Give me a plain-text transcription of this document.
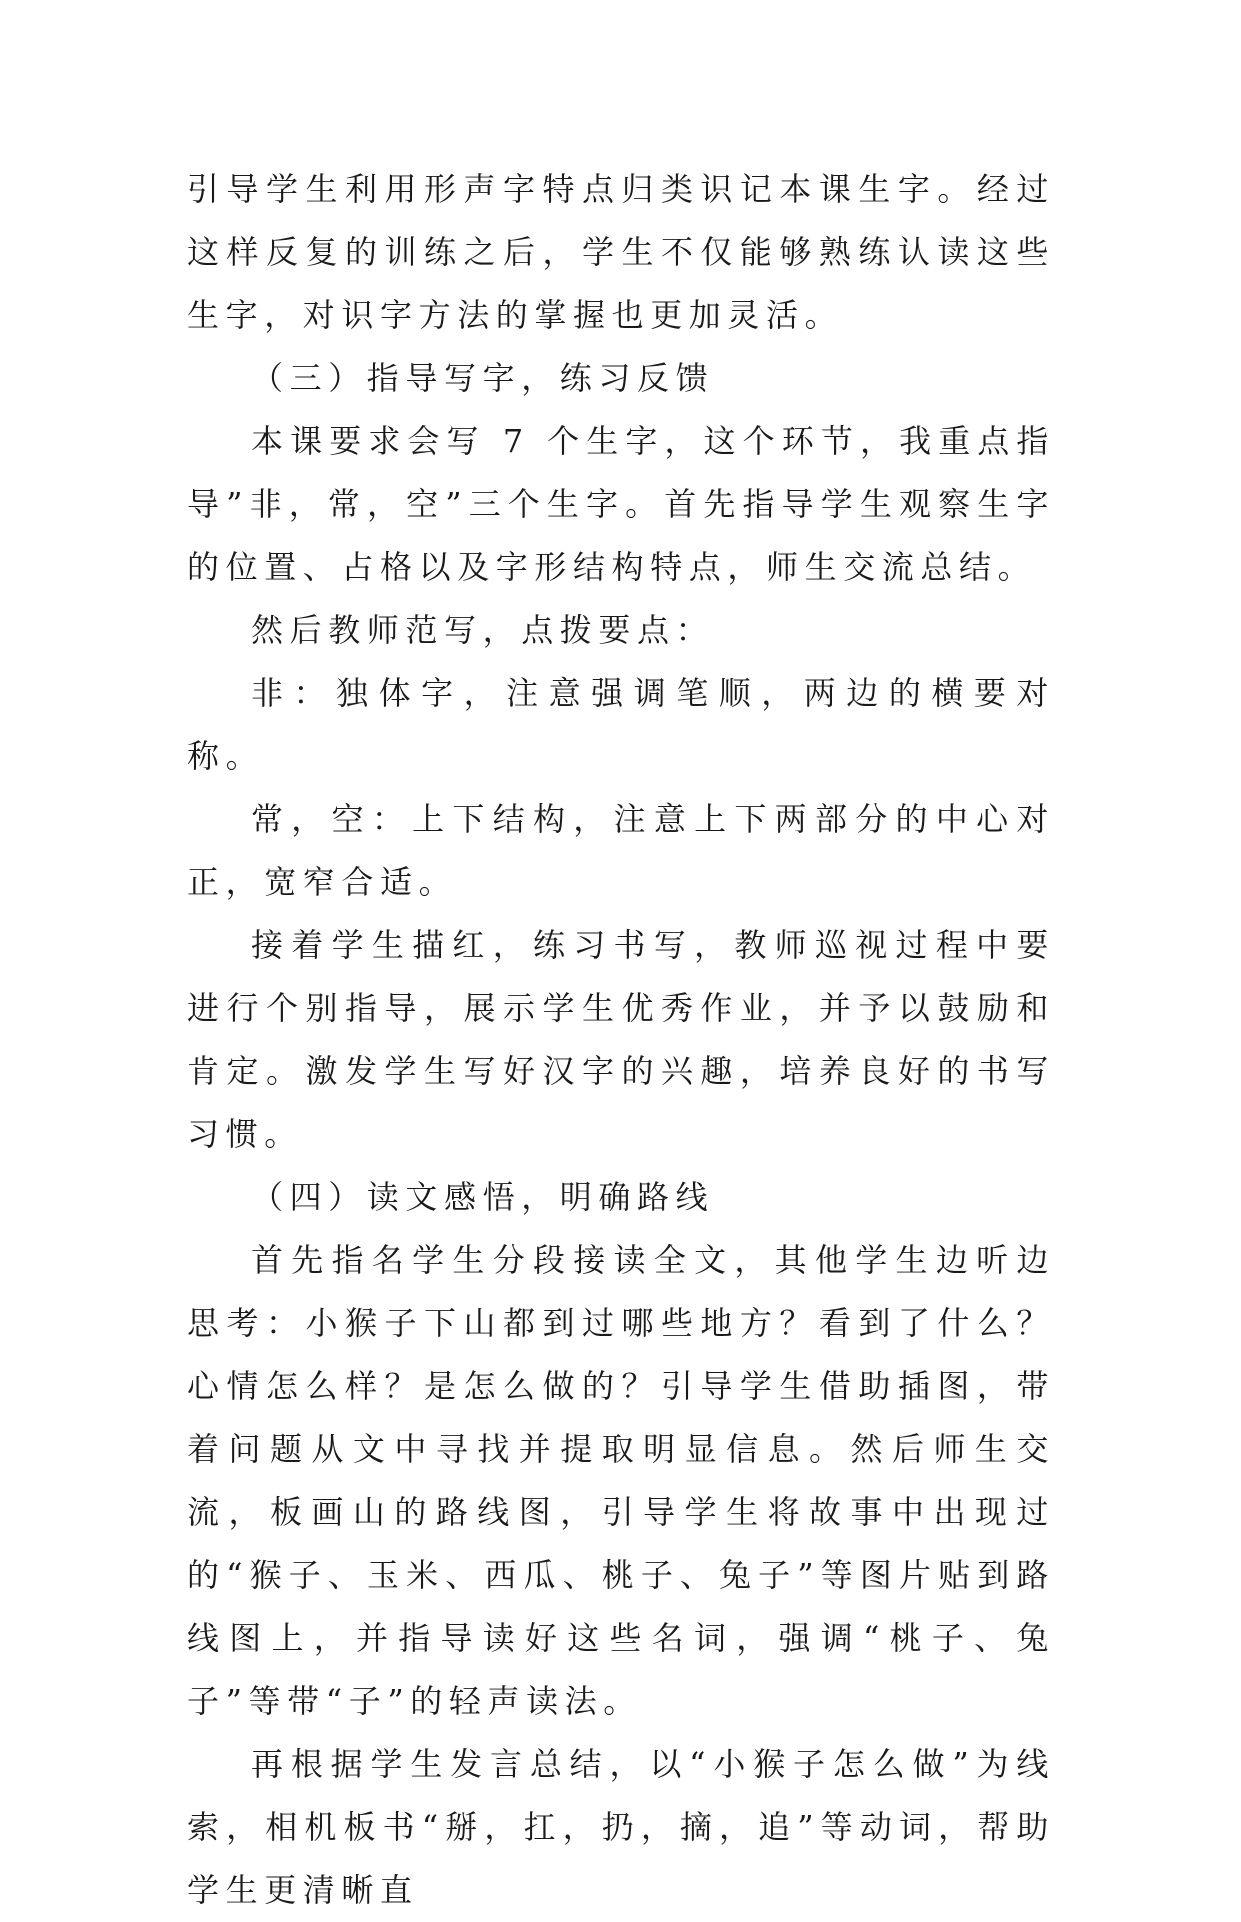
引导学生利用形声字特点归类识记本课生字。经过这样反复的训练之后，学生不仅能够熟练认读这些生字，对识字方法的掌握也更加灵活。

（三）指导写字，练习反馈

本课要求会写 7 个生字，这个环节，我重点指导”非，常，空”三个生字。首先指导学生观察生字的位置、占格以及字形结构特点，师生交流总结。

然后教师范写，点拨要点：

非：独体字，注意强调笔顺，两边的横要对称。

常，空：上下结构，注意上下两部分的中心对正，宽窄合适。

接着学生描红，练习书写，教师巡视过程中要进行个别指导，展示学生优秀作业，并予以鼓励和肯定。激发学生写好汉字的兴趣，培养良好的书写习惯。

（四）读文感悟，明确路线

首先指名学生分段接读全文，其他学生边听边思考：小猴子下山都到过哪些地方？看到了什么？心情怎么样？是怎么做的？引导学生借助插图，带着问题从文中寻找并提取明显信息。然后师生交流，板画山的路线图，引导学生将故事中出现过的“猴子、玉米、西瓜、桃子、兔子”等图片贴到路线图上，并指导读好这些名词，强调“桃子、兔子”等带“子”的轻声读法。

再根据学生发言总结，以“小猴子怎么做”为线索，相机板书“掰，扛，扔，摘，追”等动词，帮助学生更清晰直
